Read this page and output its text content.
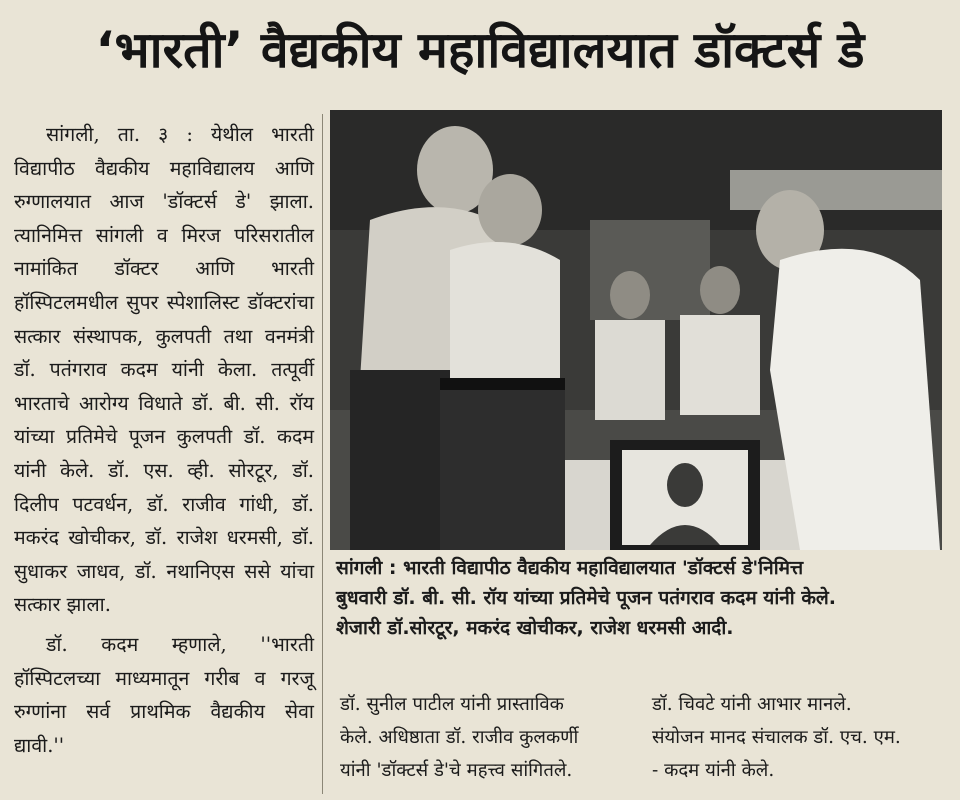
‘भारती’ वैद्यकीय महाविद्यालयात डॉक्टर्स डे

सांगली, ता. ३ : येथील भारती विद्यापीठ वैद्यकीय महाविद्यालय आणि रुग्णालयात आज 'डॉक्टर्स डे' झाला. त्यानिमित्त सांगली व मिरज परिसरातील नामांकित डॉक्टर आणि भारती हॉस्पिटलमधील सुपर स्पेशालिस्ट डॉक्टरांचा सत्कार संस्थापक, कुलपती तथा वनमंत्री डॉ. पतंगराव कदम यांनी केला. तत्पूर्वी भारताचे आरोग्य विधाते डॉ. बी. सी. रॉय यांच्या प्रतिमेचे पूजन कुलपती डॉ. कदम यांनी केले. डॉ. एस. व्ही. सोरटूर, डॉ. दिलीप पटवर्धन, डॉ. राजीव गांधी, डॉ. मकरंद खोचीकर, डॉ. राजेश धरमसी, डॉ. सुधाकर जाधव, डॉ. नथानिएस ससे यांचा सत्कार झाला.

डॉ. कदम म्हणाले, ''भारती हॉस्पिटलच्या माध्यमातून गरीब व गरजू रुग्णांना सर्व प्राथमिक वैद्यकीय सेवा द्यावी.''

सांगली : भारती विद्यापीठ वैद्यकीय महाविद्यालयात 'डॉक्टर्स डे'निमित्त
बुधवारी डॉ. बी. सी. रॉय यांच्या प्रतिमेचे पूजन पतंगराव कदम यांनी केले.
शेजारी डॉ.सोरटूर, मकरंद खोचीकर, राजेश धरमसी आदी.
डॉ. सुनील पाटील यांनी प्रास्ताविक
केले. अधिष्ठाता डॉ. राजीव कुलकर्णी
यांनी 'डॉक्टर्स डे'चे महत्त्व सांगितले.
डॉ. चिवटे यांनी आभार मानले.
संयोजन मानद संचालक डॉ. एच. एम.
- कदम यांनी केले.
